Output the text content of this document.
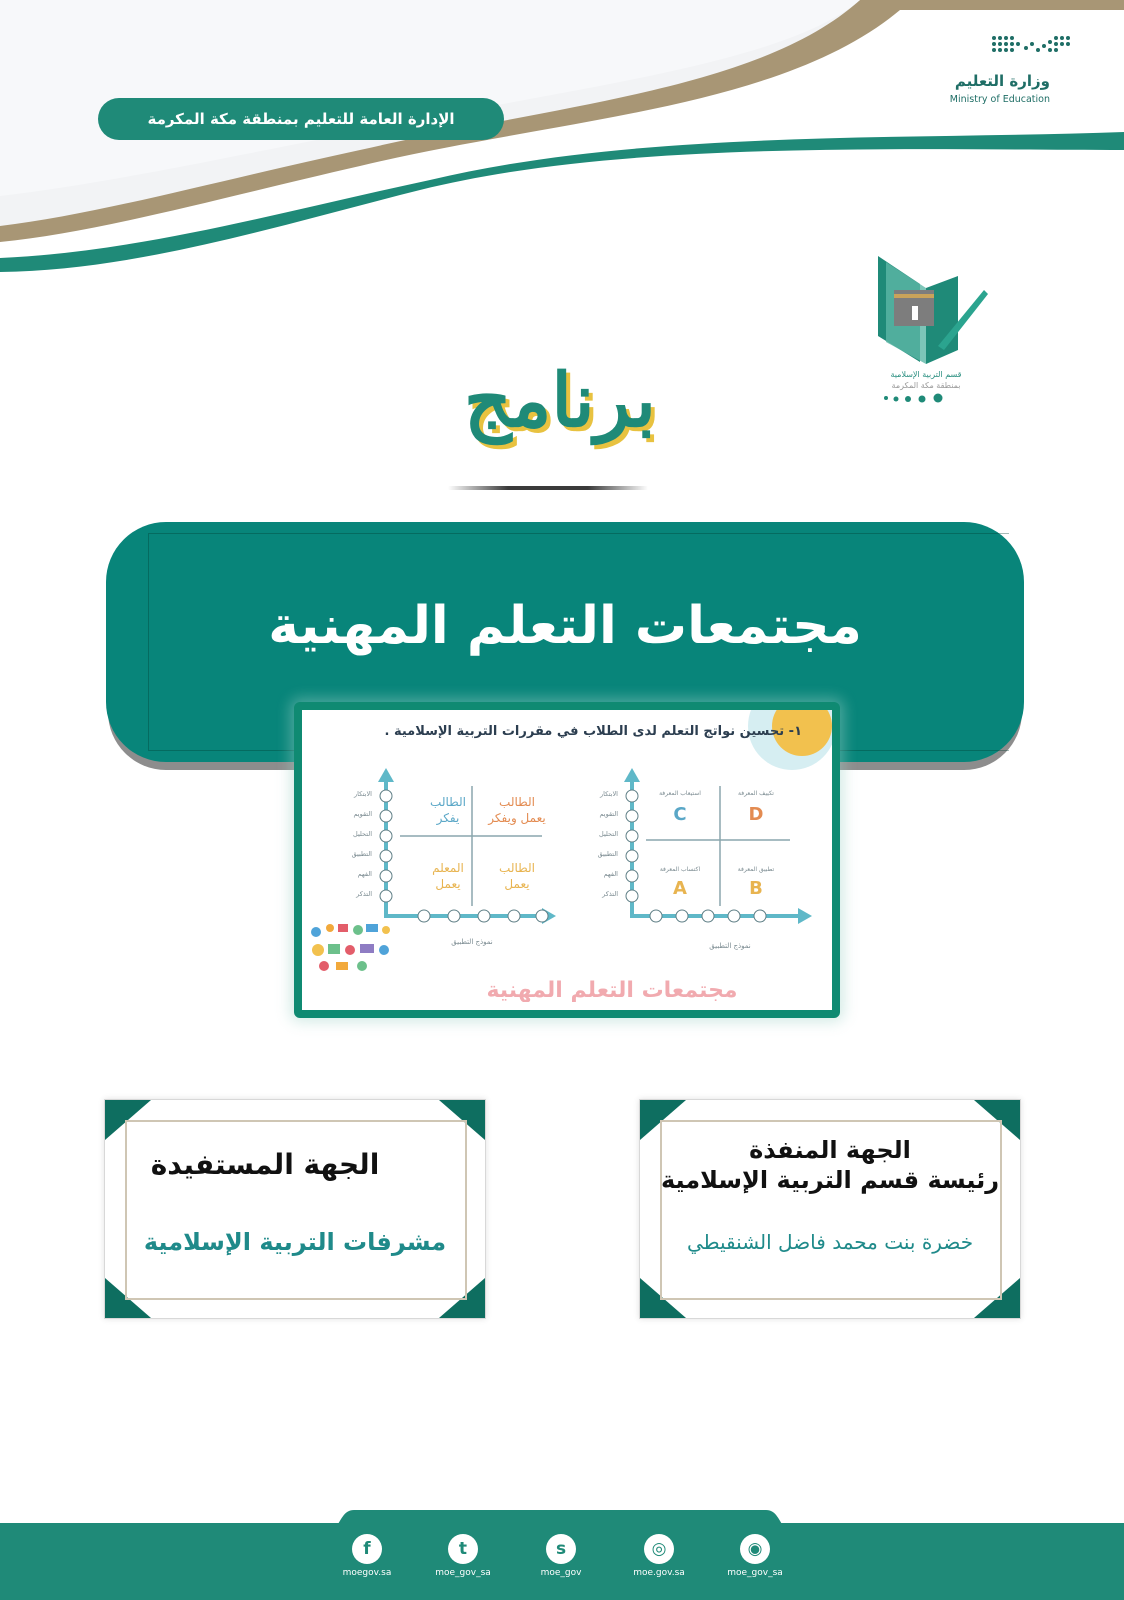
الإدارة العامة للتعليم بمنطقة مكة المكرمة
وزارة التعليم
Ministry of Education
قسم التربية الإسلامية
بمنطقة مكة المكرمة
برنامج
مجتمعات التعلم المهنية
١- تحسين نواتج التعلم لدى الطلاب في مقررات التربية الإسلامية .
الطالب
يفكر
الطالب
يعمل ويفكر
المعلم
يعمل
الطالب
يعمل
الابتكار
التقويم
التحليل
التطبيق
الفهم
التذكر
نموذج التطبيق
استيعاب المعرفة
C
تكييف المعرفة
D
اكتساب المعرفة
A
تطبيق المعرفة
B
الابتكار
التقويم
التحليل
التطبيق
الفهم
التذكر
نموذج التطبيق
مجتمعات التعلم المهنية
الجهة المستفيدة
مشرفات التربية الإسلامية
الجهة المنفذة
رئيسة قسم التربية الإسلامية
خضرة بنت محمد فاضل الشنقيطي
f
moegov.sa
t
moe_gov_sa
s
moe_gov
◎
moe.gov.sa
◉
moe_gov_sa
